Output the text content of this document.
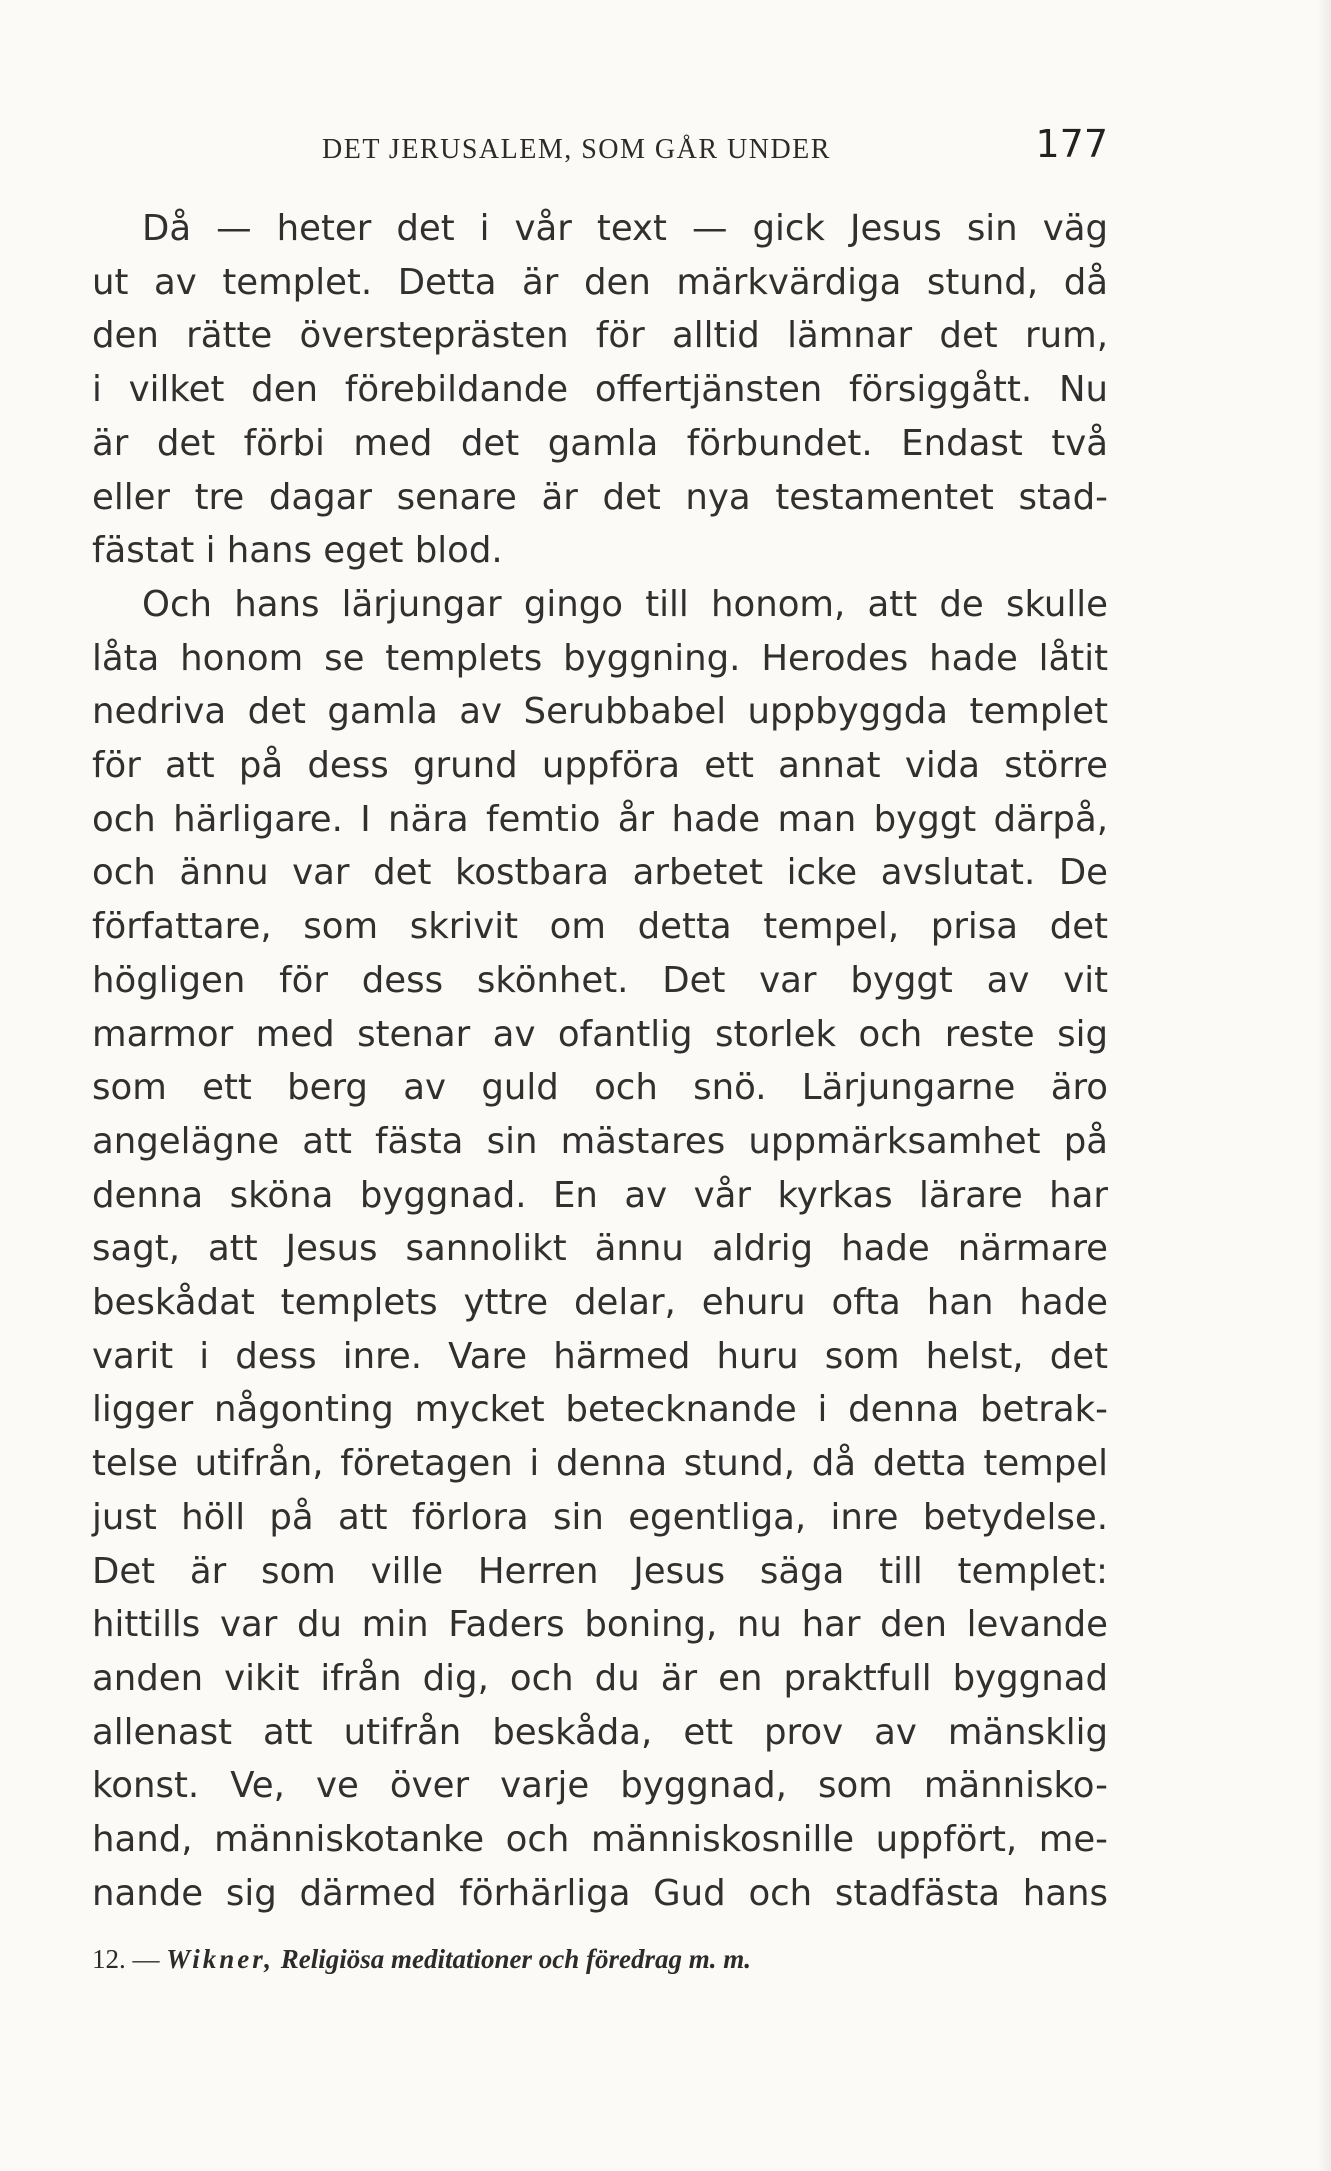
DET JERUSALEM, SOM GÅR UNDER	177

Då — heter det i vår text — gick Jesus sin väg
ut av templet. Detta är den märkvärdiga stund, då
den rätte översteprästen för alltid lämnar det rum,
i vilket den förebildande offertjänsten försiggått. Nu
är det förbi med det gamla förbundet. Endast två
eller tre dagar senare är det nya testamentet stad-
fästat i hans eget blod.

Och hans lärjungar gingo till honom, att de skulle
låta honom se templets byggning. Herodes hade låtit
nedriva det gamla av Serubbabel uppbyggda templet
för att på dess grund uppföra ett annat vida större
och härligare. I nära femtio år hade man byggt därpå,
och ännu var det kostbara arbetet icke avslutat. De
författare, som skrivit om detta tempel, prisa det
högligen för dess skönhet. Det var byggt av vit
marmor med stenar av ofantlig storlek och reste sig
som ett berg av guld och snö. Lärjungarne äro
angelägne att fästa sin mästares uppmärksamhet på
denna sköna byggnad. En av vår kyrkas lärare har
sagt, att Jesus sannolikt ännu aldrig hade närmare
beskådat templets yttre delar, ehuru ofta han hade
varit i dess inre. Vare härmed huru som helst, det
ligger någonting mycket betecknande i denna betrak-
telse utifrån, företagen i denna stund, då detta tempel
just höll på att förlora sin egentliga, inre betydelse.
Det är som ville Herren Jesus säga till templet:
hittills var du min Faders boning, nu har den levande
anden vikit ifrån dig, och du är en praktfull byggnad
allenast att utifrån beskåda, ett prov av mänsklig
konst. Ve, ve över varje byggnad, som människo-
hand, människotanke och människosnille uppfört, me-
nande sig därmed förhärliga Gud och stadfästa hans

12. — Wikner, Religiösa meditationer och föredrag m. m.
